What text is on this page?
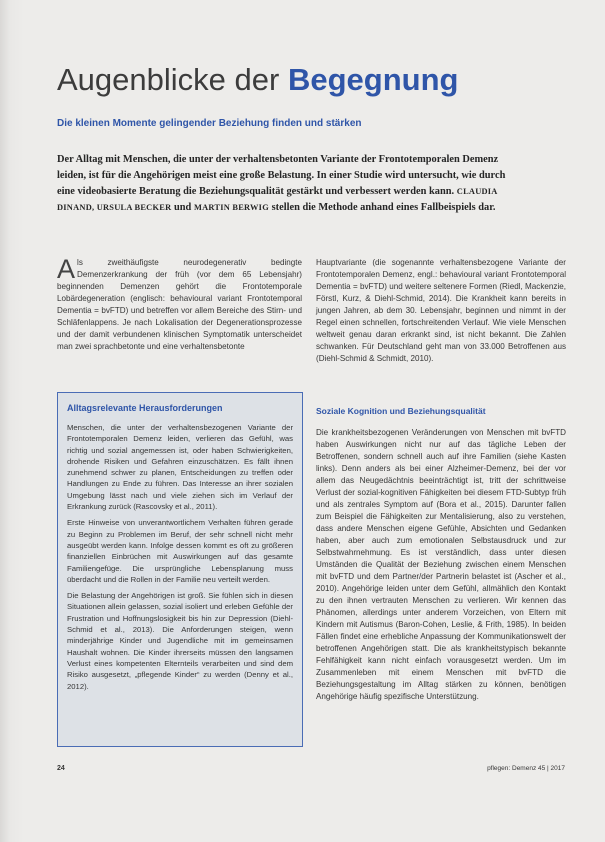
Augenblicke der Begegnung

Die kleinen Momente gelingender Beziehung finden und stärken

Der Alltag mit Menschen, die unter der verhaltensbetonten Variante der Frontotemporalen Demenz leiden, ist für die Angehörigen meist eine große Belastung. In einer Studie wird untersucht, wie durch eine videobasierte Beratung die Beziehungsqualität gestärkt und verbessert werden kann. CLAUDIA DINAND, URSULA BECKER und MARTIN BERWIG stellen die Methode anhand eines Fallbeispiels dar.

Als zweithäufigste neurodegenerativ bedingte Demenzerkrankung der früh (vor dem 65 Lebensjahr) beginnenden Demenzen gehört die Frontotemporale Lobärdegeneration (englisch: behavioural variant Frontotemporal Dementia = bvFTD) und betreffen vor allem Bereiche des Stirn- und Schläfenlappens. Je nach Lokalisation der Degenerationsprozesse und der damit verbundenen klinischen Symptomatik unterscheidet man zwei sprachbetonte und eine verhaltensbetonte

Hauptvariante (die sogenannte verhaltensbezogene Variante der Frontotemporalen Demenz, engl.: behavioural variant Frontotemporal Dementia = bvFTD) und weitere seltenere Formen (Riedl, Mackenzie, Förstl, Kurz, & Diehl-Schmid, 2014). Die Krankheit kann bereits in jungen Jahren, ab dem 30. Lebensjahr, beginnen und nimmt in der Regel einen schnellen, fortschreitenden Verlauf. Wie viele Menschen weltweit genau daran erkrankt sind, ist nicht bekannt. Die Zahlen schwanken. Für Deutschland geht man von 33.000 Betroffenen aus (Diehl-Schmid & Schmidt, 2010).

Alltagsrelevante Herausforderungen

Menschen, die unter der verhaltensbezogenen Variante der Frontotemporalen Demenz leiden, verlieren das Gefühl, was richtig und sozial angemessen ist, oder haben Schwierigkeiten, drohende Risiken und Gefahren einzuschätzen. Es fällt ihnen zunehmend schwer zu planen, Entscheidungen zu treffen oder Handlungen zu Ende zu führen. Das Interesse an ihrer sozialen Umgebung lässt nach und viele ziehen sich im Verlauf der Erkrankung zurück (Rascovsky et al., 2011).

Erste Hinweise von unverantwortlichem Verhalten führen gerade zu Beginn zu Problemen im Beruf, der sehr schnell nicht mehr ausgeübt werden kann. Infolge dessen kommt es oft zu größeren finanziellen Einbrüchen mit Auswirkungen auf das gesamte Familiengefüge. Die ursprüngliche Lebensplanung muss überdacht und die Rollen in der Familie neu verteilt werden.

Die Belastung der Angehörigen ist groß. Sie fühlen sich in diesen Situationen allein gelassen, sozial isoliert und erleben Gefühle der Frustration und Hoffnungslosigkeit bis hin zur Depression (Diehl-Schmid et al., 2013). Die Anforderungen steigen, wenn minderjährige Kinder und Jugendliche mit im gemeinsamen Haushalt wohnen. Die Kinder ihrerseits müssen den langsamen Verlust eines kompetenten Elternteils verarbeiten und sind dem Risiko ausgesetzt, „pflegende Kinder“ zu werden (Denny et al., 2012).

Soziale Kognition und Beziehungsqualität

Die krankheitsbezogenen Veränderungen von Menschen mit bvFTD haben Auswirkungen nicht nur auf das tägliche Leben der Betroffenen, sondern schnell auch auf ihre Familien (siehe Kasten links). Denn anders als bei einer Alzheimer-Demenz, bei der vor allem das Neugedächtnis beeinträchtigt ist, tritt der schrittweise Verlust der sozial-kognitiven Fähigkeiten bei diesem FTD-Subtyp früh und als zentrales Symptom auf (Bora et al., 2015). Darunter fallen zum Beispiel die Fähigkeiten zur Mentalisierung, also zu verstehen, dass andere Menschen eigene Gefühle, Absichten und Gedanken haben, aber auch zum emotionalen Selbstausdruck und zur Selbstwahrnehmung. Es ist verständlich, dass unter diesen Umständen die Qualität der Beziehung zwischen einem Menschen mit bvFTD und dem Partner/der Partnerin belastet ist (Ascher et al., 2010). Angehörige leiden unter dem Gefühl, allmählich den Kontakt zu den ihnen vertrauten Menschen zu verlieren. Wir kennen das Phänomen, allerdings unter anderem Vorzeichen, von Eltern mit Kindern mit Autismus (Baron-Cohen, Leslie, & Frith, 1985). In beiden Fällen findet eine erhebliche Anpassung der Kommunikationswelt der betroffenen Angehörigen statt. Die als krankheitstypisch bekannte Fehlfähigkeit kann nicht einfach vorausgesetzt werden. Um im Zusammenleben mit einem Menschen mit bvFTD die Beziehungsgestaltung im Alltag stärken zu können, benötigen Angehörige häufig spezifische Unterstützung.

24	pflegen: Demenz 45 | 2017
